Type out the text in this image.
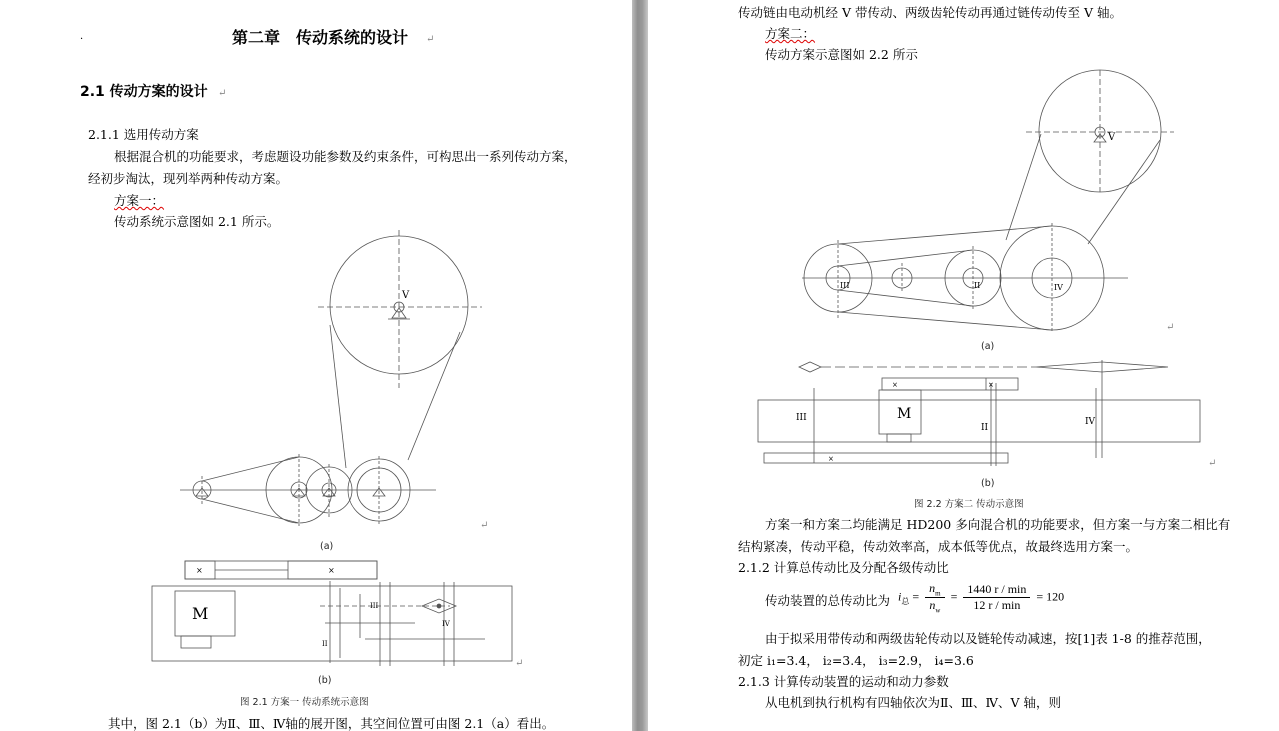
·	第二章　传动系统的设计 ↵
2.1 传动方案的设计 ↵
2.1.1 选用传动方案
根据混合机的功能要求，考虑题设功能参数及约束条件，可构思出一系列传动方案，
经初步淘汰，现列举两种传动方案。
方案一：
传动系统示意图如 2.1 所示。
V
↵
(a)
M
×	×
III
II
IV
↵
(b)
图 2.1 方案一 传动系统示意图
其中，图 2.1（b）为Ⅱ、Ⅲ、Ⅳ轴的展开图，其空间位置可由图 2.1（a）看出。
传动链由电动机经 V 带传动、两级齿轮传动再通过链传动传至 V 轴。
方案二：
传动方案示意图如 2.2 所示
V
III	II	IV
↵
(a)
M
III
II
IV
×	×
×	↵
(b)
图 2.2 方案二 传动示意图
方案一和方案二均能满足 HD200 多向混合机的功能要求，但方案一与方案二相比有
结构紧凑，传动平稳，传动效率高，成本低等优点，故最终选用方案一。
2.1.2 计算总传动比及分配各级传动比
传动装置的总传动比为 $i_总 = \frac{n_m}{n_w} = \frac{1440 r / \min}{12 r / \min} = 120$
由于拟采用带传动和两级齿轮传动以及链轮传动减速，按[1]表 1-8 的推荐范围，
初定 i₁=3.4， i₂=3.4， i₃=2.9， i₄=3.6
2.1.3 计算传动装置的运动和动力参数
从电机到执行机构有四轴依次为Ⅱ、Ⅲ、Ⅳ、V 轴，则
